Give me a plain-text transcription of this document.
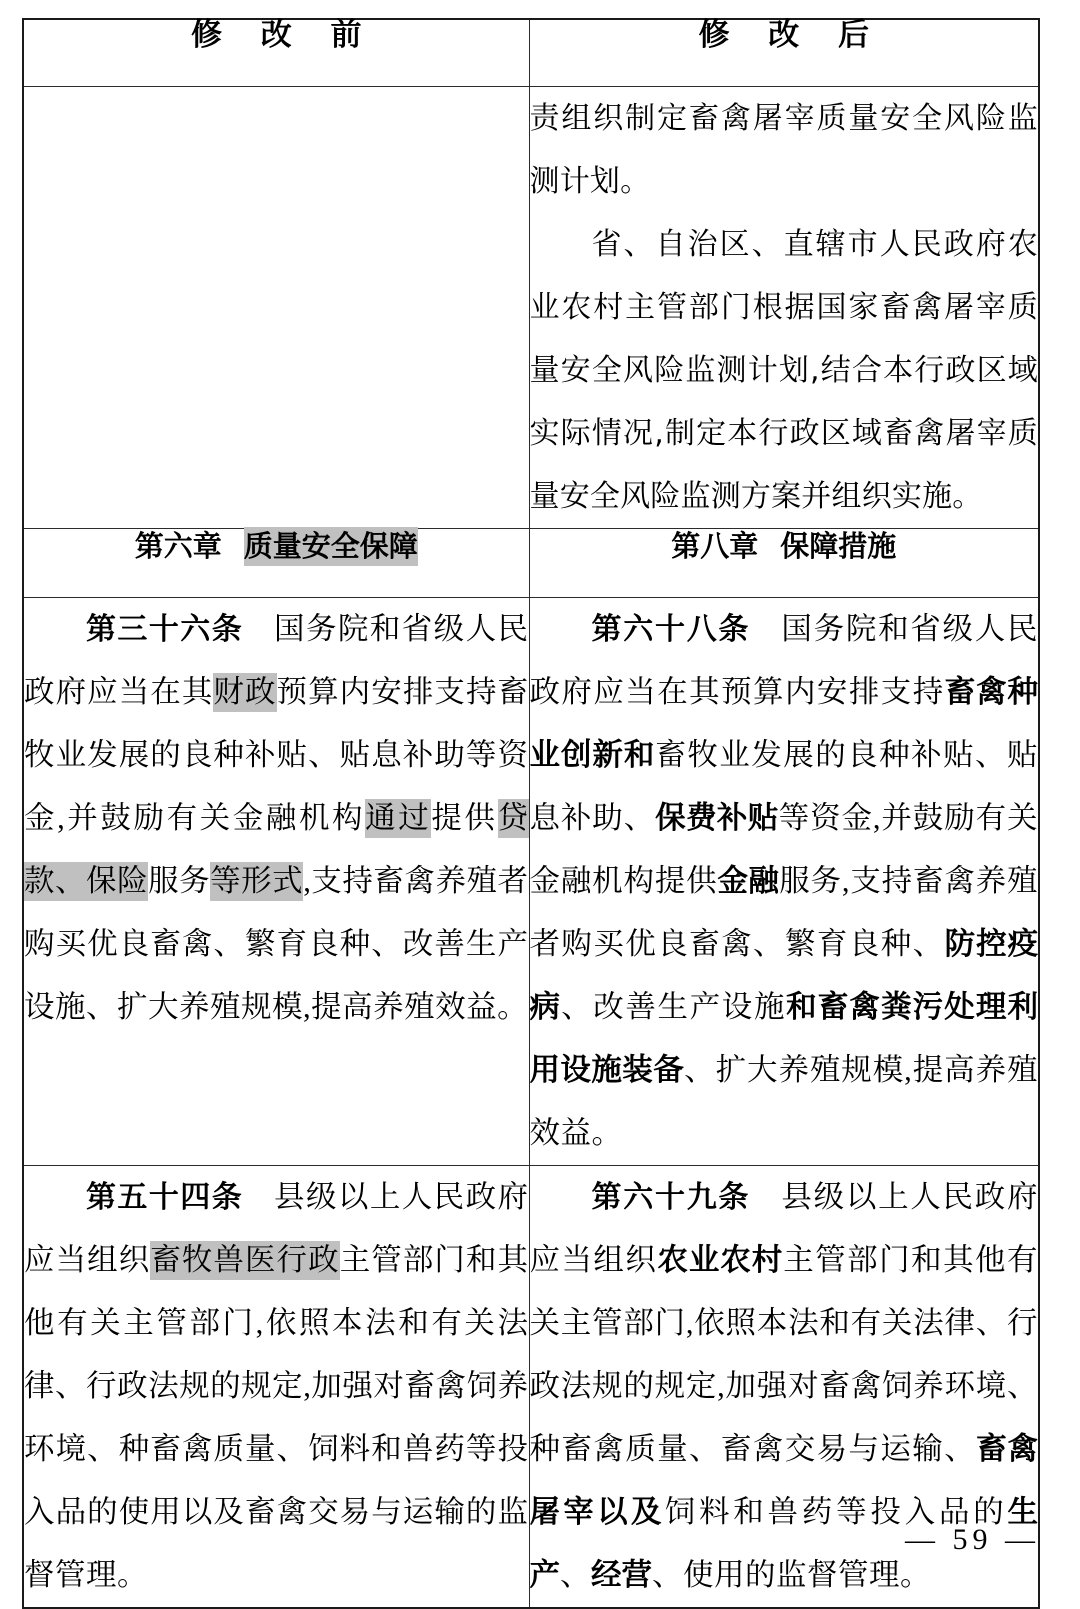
修 改 前	修 改 后

	责组织制定畜禽屠宰质量安全风险监测计划。

省、自治区、直辖市人民政府农业农村主管部门根据国家畜禽屠宰质量安全风险监测计划,结合本行政区域实际情况,制定本行政区域畜禽屠宰质量安全风险监测方案并组织实施。

第六章 质量安全保障	第八章 保障措施

第三十六条 国务院和省级人民政府应当在其财政预算内安排支持畜牧业发展的良种补贴、贴息补助等资金,并鼓励有关金融机构通过提供贷款、保险服务等形式,支持畜禽养殖者购买优良畜禽、繁育良种、改善生产设施、扩大养殖规模,提高养殖效益。	第六十八条 国务院和省级人民政府应当在其预算内安排支持畜禽种业创新和畜牧业发展的良种补贴、贴息补助、保费补贴等资金,并鼓励有关金融机构提供金融服务,支持畜禽养殖者购买优良畜禽、繁育良种、防控疫病、改善生产设施和畜禽粪污处理利用设施装备、扩大养殖规模,提高养殖效益。

第五十四条 县级以上人民政府应当组织畜牧兽医行政主管部门和其他有关主管部门,依照本法和有关法律、行政法规的规定,加强对畜禽饲养环境、种畜禽质量、饲料和兽药等投入品的使用以及畜禽交易与运输的监督管理。	第六十九条 县级以上人民政府应当组织农业农村主管部门和其他有关主管部门,依照本法和有关法律、行政法规的规定,加强对畜禽饲养环境、种畜禽质量、畜禽交易与运输、畜禽屠宰以及饲料和兽药等投入品的生产、经营、使用的监督管理。

— 59 —
